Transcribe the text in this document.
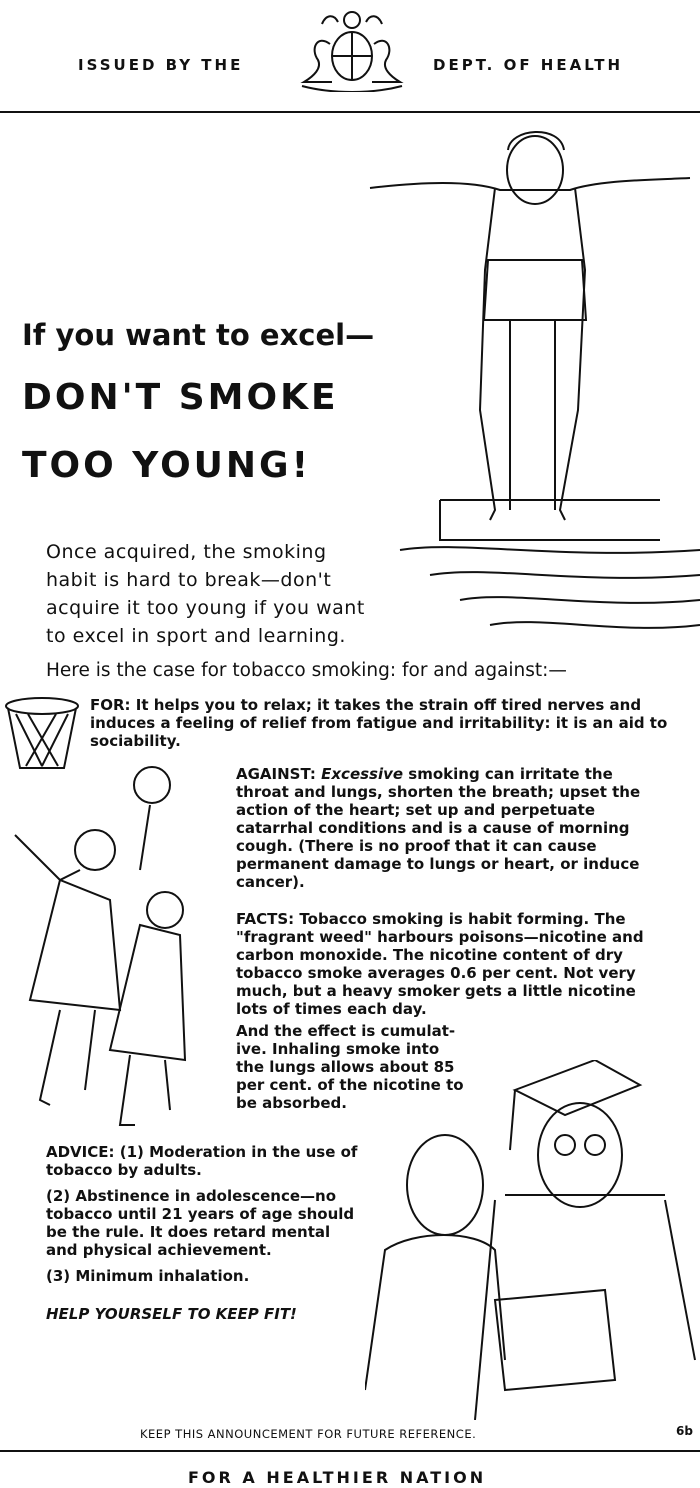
ISSUED BY THE	DEPT. OF HEALTH
If you want to excel—
DON'T SMOKE
TOO YOUNG!
Once acquired, the smoking
habit is hard to break—don't
acquire it too young if you want
to excel in sport and learning.
Here is the case for tobacco smoking: for and against:—
FOR: It helps you to relax; it takes the strain off tired nerves and induces a feeling of relief from fatigue and irritability: it is an aid to sociability.
AGAINST: Excessive smoking can irritate the throat and lungs, shorten the breath; upset the action of the heart; set up and perpetuate catarrhal conditions and is a cause of morning cough. (There is no proof that it can cause permanent damage to lungs or heart, or induce cancer).
FACTS: Tobacco smoking is habit forming. The "fragrant weed" harbours poisons—nicotine and carbon monoxide. The nicotine content of dry tobacco smoke averages 0.6 per cent. Not very much, but a heavy smoker gets a little nicotine lots of times each day.
And the effect is cumulat-
ive. Inhaling smoke into
the lungs allows about 85
per cent. of the nicotine to
be absorbed.
ADVICE: (1) Moderation in the use of tobacco by adults.
(2) Abstinence in adolescence—no tobacco until 21 years of age should be the rule. It does retard mental and physical achievement.
(3) Minimum inhalation.
HELP YOURSELF TO KEEP FIT!
KEEP THIS ANNOUNCEMENT FOR FUTURE REFERENCE.	6b
FOR A HEALTHIER NATION
